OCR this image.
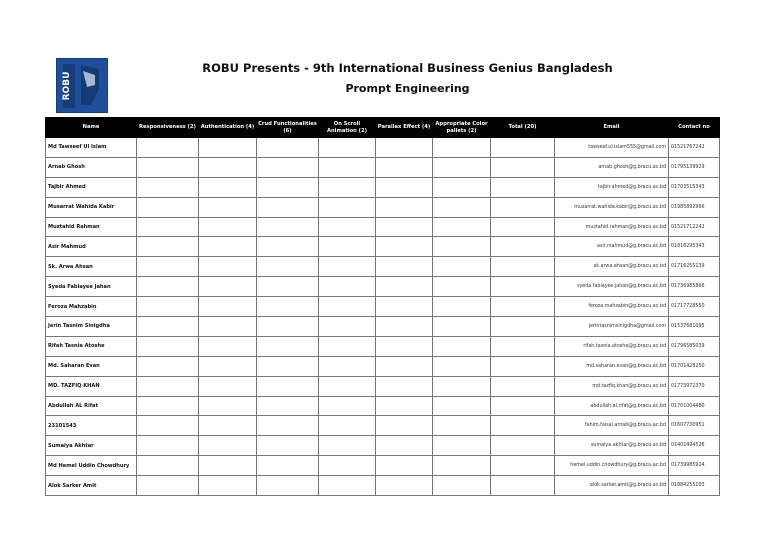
ROBU
ROBU Presents - 9th International Business Genius Bangladesh
Prompt Engineering
Name	Responsiveness (2)	Authentication (4)	Crud Functionalities (6)	On Scroll Animation (2)	Parallax Effect (4)	Appropriate Color pallets (2)	Total (20)	Email	Contact no
Md Tawseef Ul Islam								tawseef.ul.islam555@gmail.com	01521767242
Arnab Ghosh								arnab.ghosh@g.bracu.ac.bd	01795139929
Tajbir Ahmed								tajbir.ahmed@g.bracu.ac.bd	01703515343
Musarrat Wahida Kabir								musarrat.wahida.kabir@g.bracu.ac.bd	01985892966
Muztahid Rahman								muztahid.rahman@g.bracu.ac.bd	01521712242
Asir Mahmud								asir.mahmud@g.bracu.ac.bd	01816295343
Sk. Arwa Ahsan								sk.arwa.ahsan@g.bracu.ac.bd	01716255139
Syeda Fabiayee Jahan								syeda.fabiayee.jahan@g.bracu.ac.bd	01736985866
Feroza Mahzabin								feroza.mahzabin@g.bracu.ac.bd	01717728550
Jerin Tasnim Sinigdha								jerintasnimsinigdha@gmail.com	01537681095
Rifah Tasnia Atoshe								rifah.tasnia.atoshe@g.bracu.ac.bd	01796585039
Md. Saharan Evan								md.saharan.evan@g.bracu.ac.bd	01701428250
MD. TAZFIQ KHAN								md.tazfiq.khan@g.bracu.ac.bd	01773972370
Abdullah AL Rifat								abdullah.al.rifat@g.bracu.ac.bd	01701004480
23101543								fahim.faisal.arnab@g.bracu.ac.bd	01607730951
Sumaiya Akhtar								sumaiya.akhtar@g.bracu.ac.bd	01401494526
Md Hemel Uddin Chowdhury								hemel.uddin.chowdhury@g.bracu.ac.bd	01739985924
Alok Sarker Amit								alok.sarker.amit@g.bracu.ac.bd	01884255103
